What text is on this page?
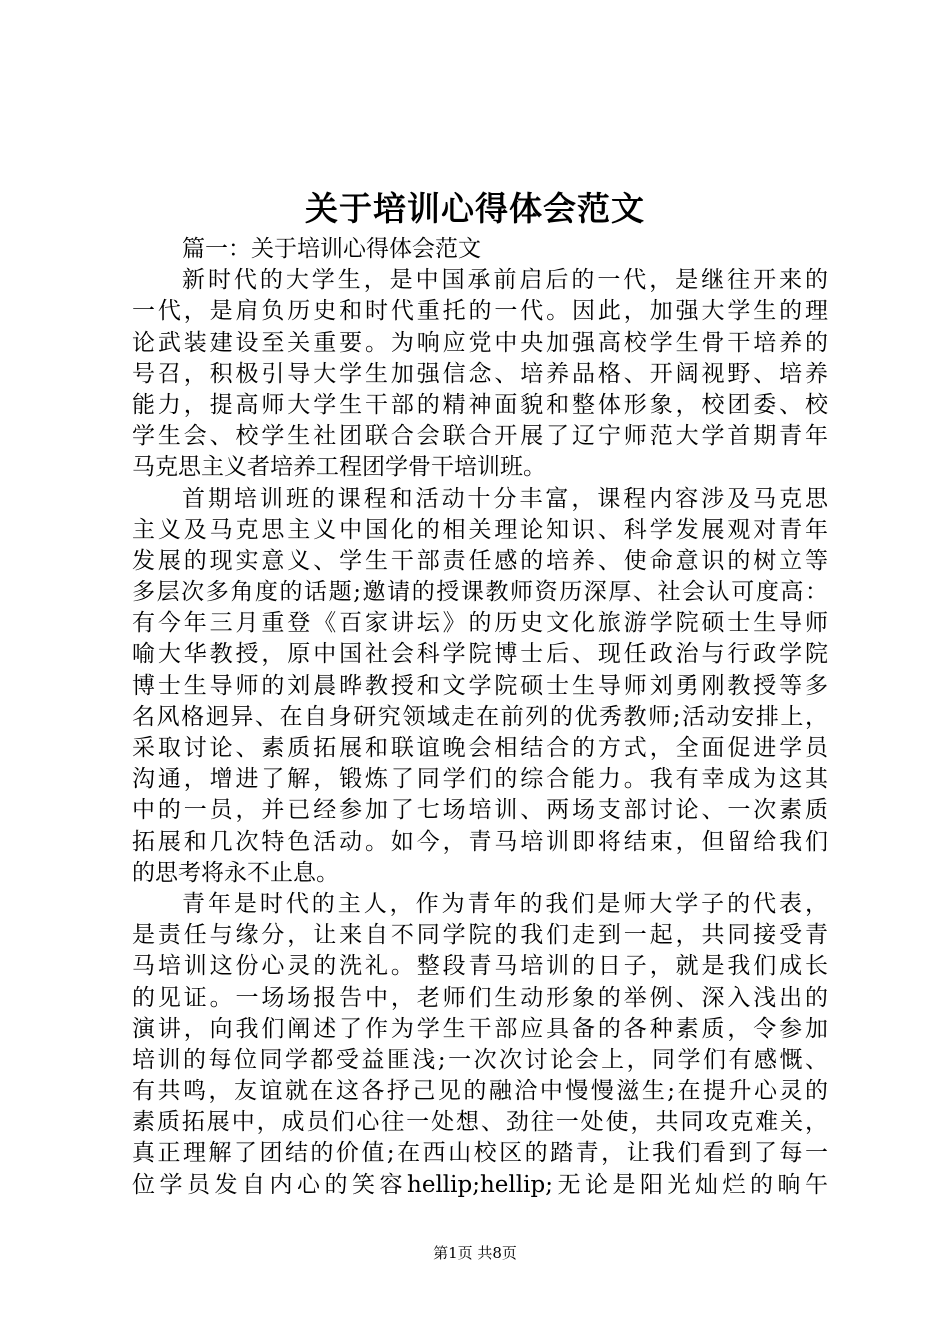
关于培训心得体会范文
篇一：关于培训心得体会范文
新时代的大学生，是中国承前启后的一代，是继往开来的
一代，是肩负历史和时代重托的一代。因此，加强大学生的理
论武装建设至关重要。为响应党中央加强高校学生骨干培养的
号召，积极引导大学生加强信念、培养品格、开阔视野、培养
能力，提高师大学生干部的精神面貌和整体形象，校团委、校
学生会、校学生社团联合会联合开展了辽宁师范大学首期青年
马克思主义者培养工程团学骨干培训班。
首期培训班的课程和活动十分丰富，课程内容涉及马克思
主义及马克思主义中国化的相关理论知识、科学发展观对青年
发展的现实意义、学生干部责任感的培养、使命意识的树立等
多层次多角度的话题;邀请的授课教师资历深厚、社会认可度高：
有今年三月重登《百家讲坛》的历史文化旅游学院硕士生导师
喻大华教授，原中国社会科学院博士后、现任政治与行政学院
博士生导师的刘晨晔教授和文学院硕士生导师刘勇刚教授等多
名风格迥异、在自身研究领域走在前列的优秀教师;活动安排上，
采取讨论、素质拓展和联谊晚会相结合的方式，全面促进学员
沟通，增进了解，锻炼了同学们的综合能力。我有幸成为这其
中的一员，并已经参加了七场培训、两场支部讨论、一次素质
拓展和几次特色活动。如今，青马培训即将结束，但留给我们
的思考将永不止息。
青年是时代的主人，作为青年的我们是师大学子的代表，
是责任与缘分，让来自不同学院的我们走到一起，共同接受青
马培训这份心灵的洗礼。整段青马培训的日子，就是我们成长
的见证。一场场报告中，老师们生动形象的举例、深入浅出的
演讲，向我们阐述了作为学生干部应具备的各种素质，令参加
培训的每位同学都受益匪浅;一次次讨论会上，同学们有感慨、
有共鸣，友谊就在这各抒己见的融洽中慢慢滋生;在提升心灵的
素质拓展中，成员们心往一处想、劲往一处使，共同攻克难关，
真正理解了团结的价值;在西山校区的踏青，让我们看到了每一
位学员发自内心的笑容hellip;hellip;无论是阳光灿烂的晌午
第1页 共8页
